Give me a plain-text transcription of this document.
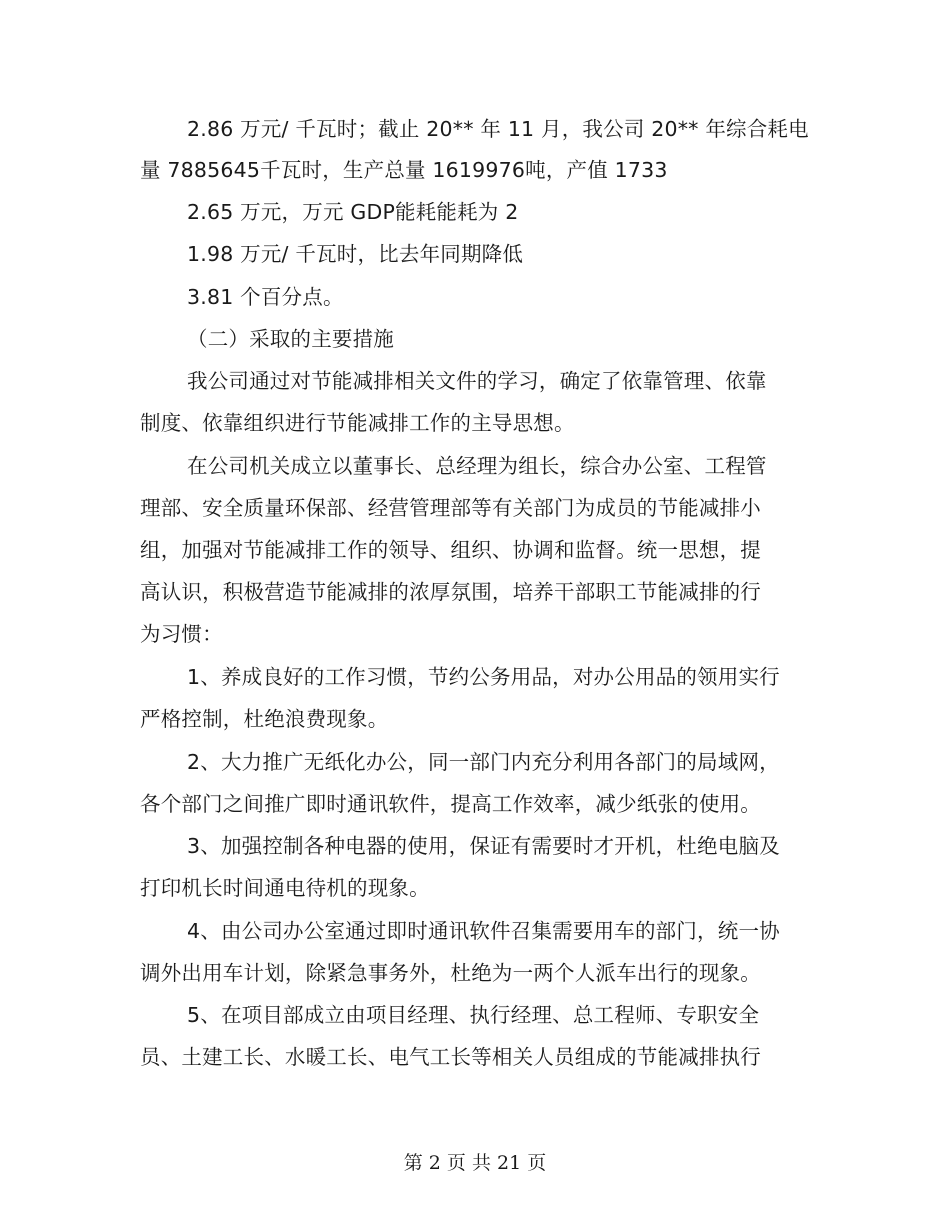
2.86 万元/ 千瓦时；截止 20** 年 11 月，我公司 20** 年综合耗电
量 7885645千瓦时，生产总量 1619976吨，产值 1733
2.65 万元，万元 GDP能耗能耗为 2
1.98 万元/ 千瓦时，比去年同期降低
3.81 个百分点。
（二）采取的主要措施
我公司通过对节能减排相关文件的学习，确定了依靠管理、依靠
制度、依靠组织进行节能减排工作的主导思想。
在公司机关成立以董事长、总经理为组长，综合办公室、工程管
理部、安全质量环保部、经营管理部等有关部门为成员的节能减排小
组，加强对节能减排工作的领导、组织、协调和监督。统一思想，提
高认识，积极营造节能减排的浓厚氛围，培养干部职工节能减排的行
为习惯：
1、养成良好的工作习惯，节约公务用品，对办公用品的领用实行
严格控制，杜绝浪费现象。
2、大力推广无纸化办公，同一部门内充分利用各部门的局域网，
各个部门之间推广即时通讯软件，提高工作效率，减少纸张的使用。
3、加强控制各种电器的使用，保证有需要时才开机，杜绝电脑及
打印机长时间通电待机的现象。
4、由公司办公室通过即时通讯软件召集需要用车的部门，统一协
调外出用车计划，除紧急事务外，杜绝为一两个人派车出行的现象。
5、在项目部成立由项目经理、执行经理、总工程师、专职安全
员、土建工长、水暖工长、电气工长等相关人员组成的节能减排执行
第 2 页 共 21 页
